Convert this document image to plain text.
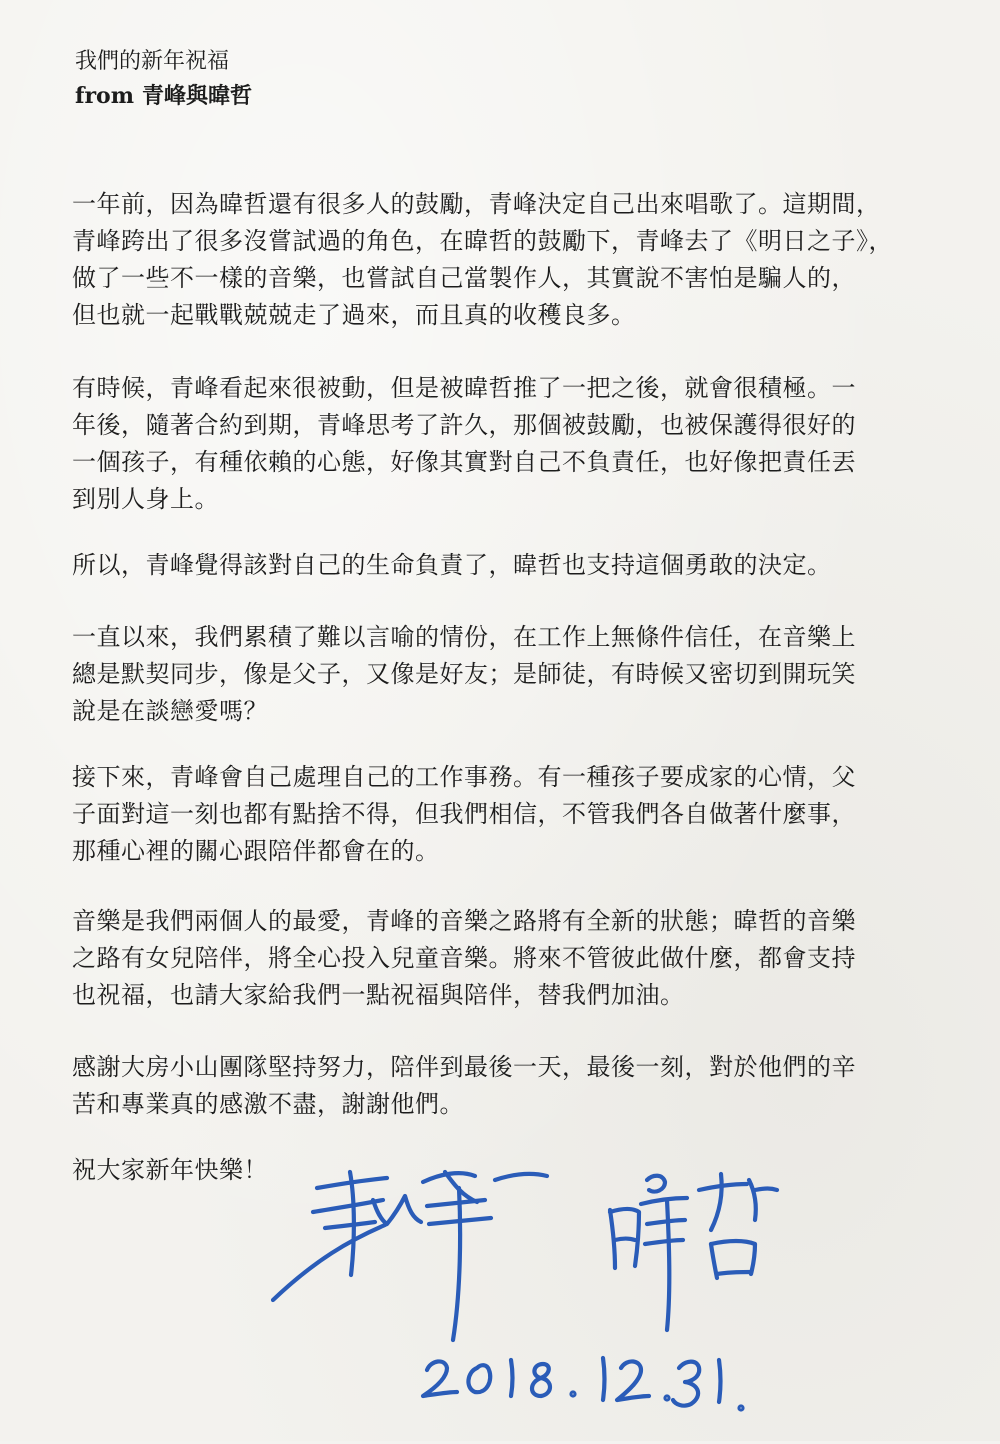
我們的新年祝福
from 青峰與暐哲
一年前，因為暐哲還有很多人的鼓勵，青峰決定自己出來唱歌了。這期間，
青峰跨出了很多沒嘗試過的角色，在暐哲的鼓勵下，青峰去了《明日之子》，
做了一些不一樣的音樂，也嘗試自己當製作人，其實說不害怕是騙人的，
但也就一起戰戰兢兢走了過來，而且真的收穫良多。
有時候，青峰看起來很被動，但是被暐哲推了一把之後，就會很積極。一
年後，隨著合約到期，青峰思考了許久，那個被鼓勵，也被保護得很好的
一個孩子，有種依賴的心態，好像其實對自己不負責任，也好像把責任丟
到別人身上。
所以，青峰覺得該對自己的生命負責了，暐哲也支持這個勇敢的決定。
一直以來，我們累積了難以言喻的情份，在工作上無條件信任，在音樂上
總是默契同步，像是父子，又像是好友；是師徒，有時候又密切到開玩笑
說是在談戀愛嗎？
接下來，青峰會自己處理自己的工作事務。有一種孩子要成家的心情，父
子面對這一刻也都有點捨不得，但我們相信，不管我們各自做著什麼事，
那種心裡的關心跟陪伴都會在的。
音樂是我們兩個人的最愛，青峰的音樂之路將有全新的狀態；暐哲的音樂
之路有女兒陪伴，將全心投入兒童音樂。將來不管彼此做什麼，都會支持
也祝福，也請大家給我們一點祝福與陪伴，替我們加油。
感謝大房小山團隊堅持努力，陪伴到最後一天，最後一刻，對於他們的辛
苦和專業真的感激不盡，謝謝他們。
祝大家新年快樂！
